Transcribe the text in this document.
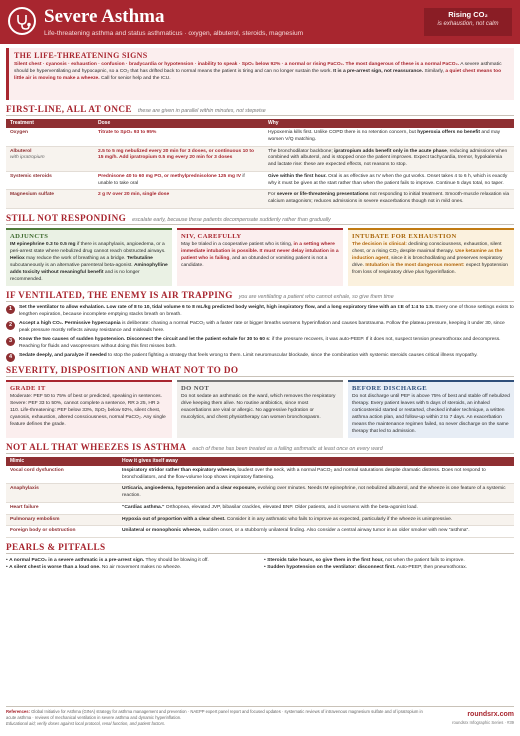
Severe Asthma
Life-threatening asthma and status asthmaticus · oxygen, albuterol, steroids, magnesium
Rising CO₂
is exhaustion, not calm
THE LIFE-THREATENING SIGNS
Silent chest · cyanosis · exhaustion · confusion · bradycardia or hypotension · inability to speak · SpO₂ below 92% · a normal or rising PaCO₂. The most dangerous of these is a normal PaCO₂. A severe asthmatic should be hyperventilating and hypocapnic, so a CO₂ that has drifted back to normal means the patient is tiring and can no longer sustain the work. It is a pre-arrest sign, not reassurance. Similarly, a quiet chest means too little air is moving to make a wheeze. Call for senior help and the ICU.
FIRST-LINE, ALL AT ONCE these are given in parallel within minutes, not stepwise
Treatment	Dose	Why

Oxygen	Titrate to SpO₂ 93 to 95%	Hypoxemia kills first. Unlike COPD there is no retention concern, but hyperoxia offers no benefit and may worsen V/Q matching.

Albuterol
with ipratropium	2.5 to 5 mg nebulized every 20 min for 3 doses, or continuous 10 to 15 mg/h. Add ipratropium 0.5 mg every 20 min for 3 doses	The bronchodilator backbone; ipratropium adds benefit only in the acute phase, reducing admissions when combined with albuterol, and is stopped once the patient improves. Expect tachycardia, tremor, hypokalemia and lactate rise: these are expected effects, not reasons to stop.

Systemic steroids	Prednisone 40 to 60 mg PO, or methylprednisolone 125 mg IV if unable to take oral	Give within the first hour. Oral is as effective as IV when the gut works. Onset takes 4 to 6 h, which is exactly why it must be given at the start rather than when the patient fails to improve. Continue 5 days total, no taper.

Magnesium sulfate	2 g IV over 20 min, single dose	For severe or life-threatening presentations not responding to initial treatment. Smooth-muscle relaxation via calcium antagonism; reduces admissions in severe exacerbations though not in mild ones.
STILL NOT RESPONDING escalate early, because these patients decompensate suddenly rather than gradually
ADJUNCTS
IM epinephrine 0.3 to 0.5 mg if there is anaphylaxis, angioedema, or a peri-arrest state where nebulized drug cannot reach obstructed airways. Heliox may reduce the work of breathing as a bridge. Terbutaline subcutaneously is an alternative parenteral beta-agonist. Aminophylline adds toxicity without meaningful benefit and is no longer recommended.
NIV, CAREFULLY
May be trialed in a cooperative patient who is tiring, in a setting where immediate intubation is possible. It must never delay intubation in a patient who is failing, and an obtunded or vomiting patient is not a candidate.
INTUBATE FOR EXHAUSTION
The decision is clinical: declining consciousness, exhaustion, silent chest, or a rising CO₂ despite maximal therapy. Use ketamine as the induction agent, since it is bronchodilating and preserves respiratory drive. Intubation is the most dangerous moment: expect hypotension from loss of respiratory drive plus hyperinflation.
IF VENTILATED, THE ENEMY IS AIR TRAPPING you are ventilating a patient who cannot exhale, so give them time
1	Set the ventilator to allow exhalation. Low rate of 8 to 10, tidal volume 6 to 8 mL/kg predicted body weight, high inspiratory flow, and a long expiratory time with an I:E of 1:4 to 1:5. Every one of those settings exists to lengthen expiration, because incomplete emptying stacks breath on breath.
2	Accept a high CO₂. Permissive hypercapnia is deliberate: chasing a normal PaCO₂ with a faster rate or bigger breaths worsens hyperinflation and causes barotrauma. Follow the plateau pressure, keeping it under 30, since peak pressure mostly reflects airway resistance and misleads here.
3	Know the two causes of sudden hypotension. Disconnect the circuit and let the patient exhale for 30 to 60 s: if the pressure recovers, it was auto-PEEP. If it does not, suspect tension pneumothorax and decompress. Reaching for fluids and vasopressors without doing this first misses both.
4	Sedate deeply, and paralyze if needed to stop the patient fighting a strategy that feels wrong to them. Limit neuromuscular blockade, since the combination with systemic steroids causes critical illness myopathy.
SEVERITY, DISPOSITION AND WHAT NOT TO DO
GRADE IT
Moderate: PEF 50 to 75% of best or predicted, speaking in sentences. Severe: PEF 33 to 50%, cannot complete a sentence, RR ≥ 25, HR ≥ 110. Life-threatening: PEF below 33%, SpO₂ below 92%, silent chest, cyanosis, exhaustion, altered consciousness, normal PaCO₂. Any single feature defines the grade.
DO NOT
Do not sedate an asthmatic on the ward, which removes the respiratory drive keeping them alive. No routine antibiotics, since most exacerbations are viral or allergic. No aggressive hydration or mucolytics, and chest physiotherapy can worsen bronchospasm.
BEFORE DISCHARGE
Do not discharge until PEF is above 75% of best and stable off nebulized therapy. Every patient leaves with 5 days of steroids, an inhaled corticosteroid started or restarted, checked inhaler technique, a written asthma action plan, and follow-up within 2 to 7 days. An exacerbation means the maintenance regimen failed, so never discharge on the same therapy that led to admission.
NOT ALL THAT WHEEZES IS ASTHMA each of these has been treated as a failing asthmatic at least once on every ward
Mimic	How it gives itself away
Vocal cord dysfunction	Inspiratory stridor rather than expiratory wheeze, loudest over the neck, with a normal PaCO₂ and normal saturations despite dramatic distress. Does not respond to bronchodilators, and the flow-volume loop shows inspiratory flattening.
Anaphylaxis	Urticaria, angioedema, hypotension and a clear exposure, evolving over minutes. Needs IM epinephrine, not nebulized albuterol, and the wheeze is one feature of a systemic reaction.
Heart failure	"Cardiac asthma." Orthopnea, elevated JVP, bibasilar crackles, elevated BNP. Older patients, and it worsens with the beta-agonist load.
Pulmonary embolism	Hypoxia out of proportion with a clear chest. Consider it in any asthmatic who fails to improve as expected, particularly if the wheeze is unimpressive.
Foreign body or obstruction	Unilateral or monophonic wheeze, sudden onset, or a stubbornly unilateral finding. Also consider a central airway tumor in an older smoker with new "asthma".
PEARLS & PITFALLS
• A normal PaCO₂ in a severe asthmatic is a pre-arrest sign. They should be blowing it off.
• A silent chest is worse than a loud one. No air movement makes no wheeze.
• Steroids take hours, so give them in the first hour, not when the patient fails to improve.
• Sudden hypotension on the ventilator: disconnect first. Auto-PEEP, then pneumothorax.
References: Global Initiative for Asthma (GINA) strategy for asthma management and prevention · NAEPP expert panel report and focused updates · systematic reviews of intravenous magnesium sulfate and of ipratropium in acute asthma · reviews of mechanical ventilation in severe asthma and dynamic hyperinflation.
Educational aid; verify doses against local protocol, renal function, and patient factors.
roundsrx.com
roundsrx Infographic Series · #39
